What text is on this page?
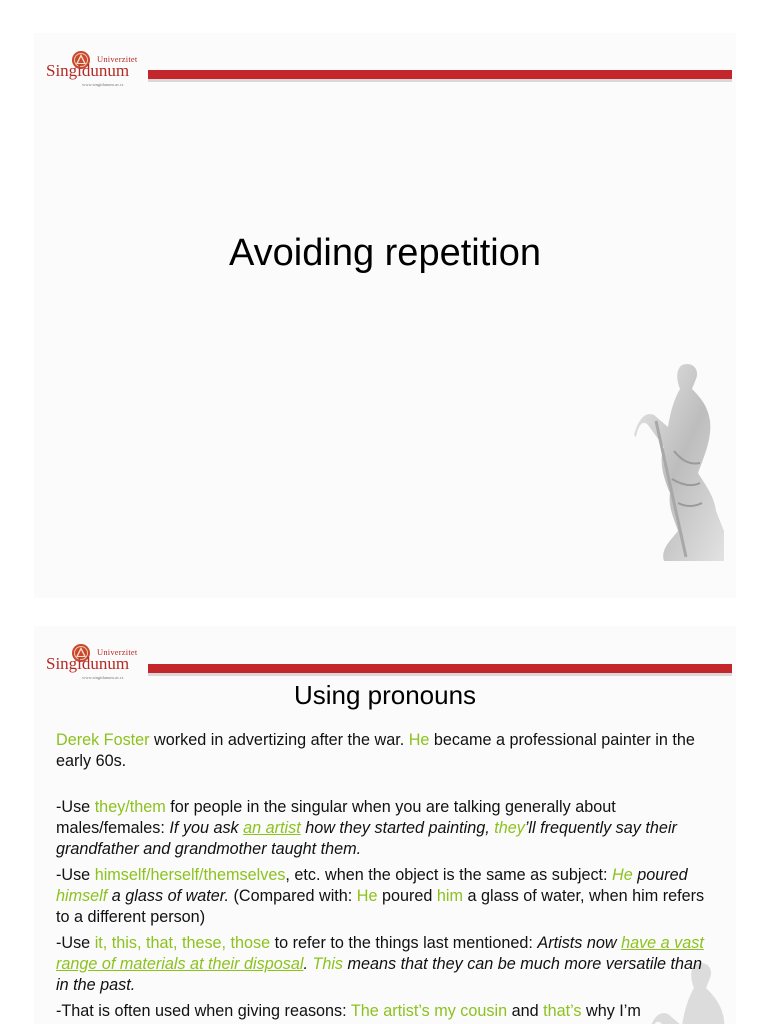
Univerzitet
Singidunum
www.singidunum.ac.rs
Avoiding repetition
Univerzitet
Singidunum
www.singidunum.ac.rs
Using pronouns

Derek Foster worked in advertizing after the war. He became a professional painter in the early 60s.

-Use they/them for people in the singular when you are talking generally about males/females: If you ask an artist how they started painting, they’ll frequently say their grandfather and grandmother taught them.

-Use himself/herself/themselves, etc. when the object is the same as subject: He poured himself a glass of water. (Compared with: He poured him a glass of water, when him refers to a different person)

-Use it, this, that, these, those to refer to the things last mentioned: Artists now have a vast range of materials at their disposal. This means that they can be much more versatile than in the past.

-That is often used when giving reasons: The artist’s my cousin and that’s why I’m
